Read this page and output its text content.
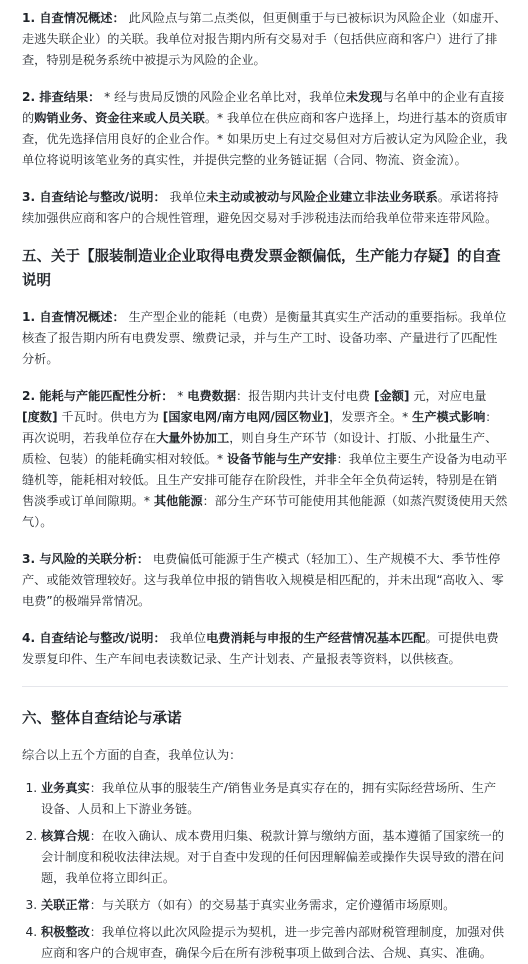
1. 自查情况概述： 此风险点与第二点类似，但更侧重于与已被标识为风险企业（如虚开、走逃失联企业）的关联。我单位对报告期内所有交易对手（包括供应商和客户）进行了排查，特别是税务系统中被提示为风险的企业。

2. 排查结果： * 经与贵局反馈的风险企业名单比对，我单位未发现与名单中的企业有直接的购销业务、资金往来或人员关联。* 我单位在供应商和客户选择上，均进行基本的资质审查，优先选择信用良好的企业合作。* 如果历史上有过交易但对方后被认定为风险企业，我单位将说明该笔业务的真实性，并提供完整的业务链证据（合同、物流、资金流）。

3. 自查结论与整改/说明： 我单位未主动或被动与风险企业建立非法业务联系。承诺将持续加强供应商和客户的合规性管理，避免因交易对手涉税违法而给我单位带来连带风险。

五、关于【服装制造业企业取得电费发票金额偏低，生产能力存疑】的自查说明

1. 自查情况概述： 生产型企业的能耗（电费）是衡量其真实生产活动的重要指标。我单位核查了报告期内所有电费发票、缴费记录，并与生产工时、设备功率、产量进行了匹配性分析。

2. 能耗与产能匹配性分析： * 电费数据：报告期内共计支付电费 [金额] 元，对应电量 [度数] 千瓦时。供电方为 [国家电网/南方电网/园区物业]，发票齐全。* 生产模式影响：再次说明，若我单位存在大量外协加工，则自身生产环节（如设计、打版、小批量生产、质检、包装）的能耗确实相对较低。* 设备节能与生产安排：我单位主要生产设备为电动平缝机等，能耗相对较低。且生产安排可能存在阶段性，并非全年全负荷运转，特别是在销售淡季或订单间隙期。* 其他能源：部分生产环节可能使用其他能源（如蒸汽熨烫使用天然气）。

3. 与风险的关联分析： 电费偏低可能源于生产模式（轻加工）、生产规模不大、季节性停产、或能效管理较好。这与我单位申报的销售收入规模是相匹配的，并未出现“高收入、零电费”的极端异常情况。

4. 自查结论与整改/说明： 我单位电费消耗与申报的生产经营情况基本匹配。可提供电费发票复印件、生产车间电表读数记录、生产计划表、产量报表等资料，以供核查。

六、整体自查结论与承诺

综合以上五个方面的自查，我单位认为：

1. 业务真实：我单位从事的服装生产/销售业务是真实存在的，拥有实际经营场所、生产设备、人员和上下游业务链。
2. 核算合规：在收入确认、成本费用归集、税款计算与缴纳方面，基本遵循了国家统一的会计制度和税收法律法规。对于自查中发现的任何因理解偏差或操作失误导致的潜在问题，我单位将立即纠正。
3. 关联正常：与关联方（如有）的交易基于真实业务需求，定价遵循市场原则。
4. 积极整改：我单位将以此次风险提示为契机，进一步完善内部财税管理制度，加强对供应商和客户的合规审查，确保今后在所有涉税事项上做到合法、合规、真实、准确。
